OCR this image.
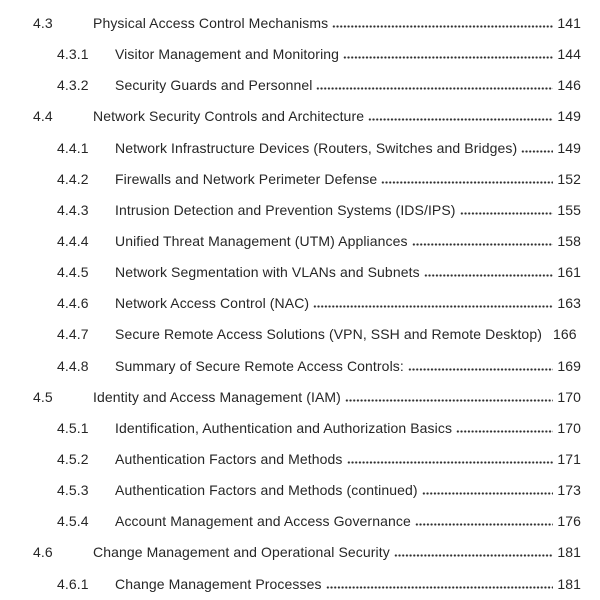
4.3	Physical Access Control Mechanisms	141
4.3.1	Visitor Management and Monitoring	144
4.3.2	Security Guards and Personnel	146
4.4	Network Security Controls and Architecture	149
4.4.1	Network Infrastructure Devices (Routers, Switches and Bridges)	149
4.4.2	Firewalls and Network Perimeter Defense	152
4.4.3	Intrusion Detection and Prevention Systems (IDS/IPS)	155
4.4.4	Unified Threat Management (UTM) Appliances	158
4.4.5	Network Segmentation with VLANs and Subnets	161
4.4.6	Network Access Control (NAC)	163
4.4.7	Secure Remote Access Solutions (VPN, SSH and Remote Desktop) 166
4.4.8	Summary of Secure Remote Access Controls:	169
4.5	Identity and Access Management (IAM)	170
4.5.1	Identification, Authentication and Authorization Basics	170
4.5.2	Authentication Factors and Methods	171
4.5.3	Authentication Factors and Methods (continued)	173
4.5.4	Account Management and Access Governance	176
4.6	Change Management and Operational Security	181
4.6.1	Change Management Processes	181
